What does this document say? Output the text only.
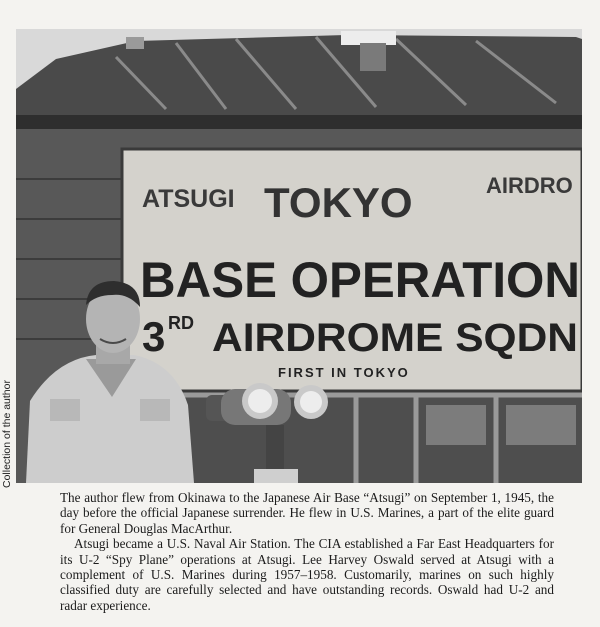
ATSUGI TOKYO	AIRDRO
BASE OPERATION
3 RD AIRDROME SQDN
FIRST IN TOKYO
Collection of the author

The author flew from Okinawa to the Japanese Air Base “Atsugi” on September 1, 1945, the day before the official Japanese surrender. He flew in U.S. Marines, a part of the elite guard for General Douglas MacArthur.

Atsugi became a U.S. Naval Air Station. The CIA established a Far East Headquarters for its U-2 “Spy Plane” operations at Atsugi. Lee Harvey Oswald served at Atsugi with a complement of U.S. Marines during 1957–1958. Customarily, marines on such highly classified duty are carefully selected and have outstanding records. Oswald had U-2 and radar experience.
